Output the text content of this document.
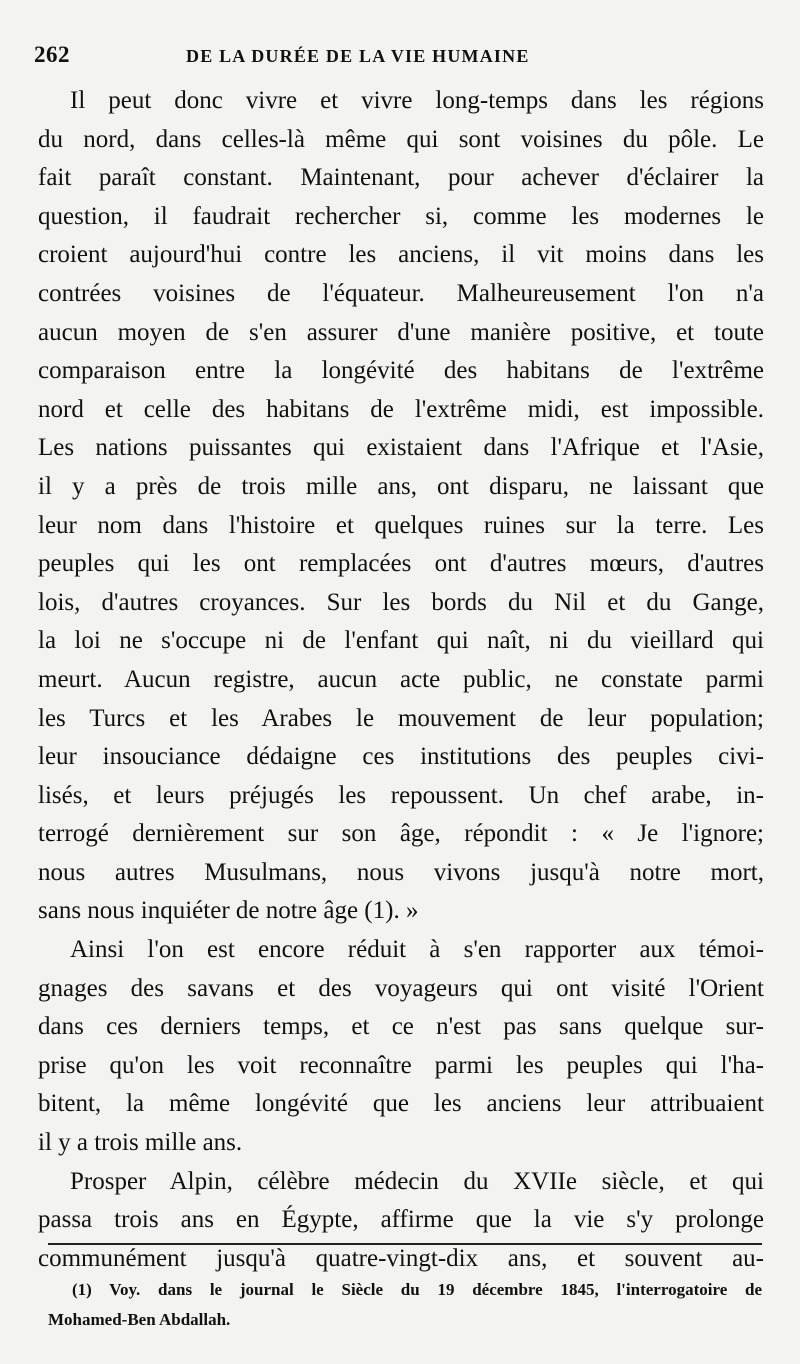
262	DE LA DURÉE DE LA VIE HUMAINE
Il peut donc vivre et vivre long-temps dans les régions
du nord, dans celles-là même qui sont voisines du pôle. Le
fait paraît constant. Maintenant, pour achever d'éclairer la
question, il faudrait rechercher si, comme les modernes le
croient aujourd'hui contre les anciens, il vit moins dans les
contrées voisines de l'équateur. Malheureusement l'on n'a
aucun moyen de s'en assurer d'une manière positive, et toute
comparaison entre la longévité des habitans de l'extrême
nord et celle des habitans de l'extrême midi, est impossible.
Les nations puissantes qui existaient dans l'Afrique et l'Asie,
il y a près de trois mille ans, ont disparu, ne laissant que
leur nom dans l'histoire et quelques ruines sur la terre. Les
peuples qui les ont remplacées ont d'autres mœurs, d'autres
lois, d'autres croyances. Sur les bords du Nil et du Gange,
la loi ne s'occupe ni de l'enfant qui naît, ni du vieillard qui
meurt. Aucun registre, aucun acte public, ne constate parmi
les Turcs et les Arabes le mouvement de leur population;
leur insouciance dédaigne ces institutions des peuples civi-
lisés, et leurs préjugés les repoussent. Un chef arabe, in-
terrogé dernièrement sur son âge, répondit : « Je l'ignore;
nous autres Musulmans, nous vivons jusqu'à notre mort,
sans nous inquiéter de notre âge (1). »
Ainsi l'on est encore réduit à s'en rapporter aux témoi-
gnages des savans et des voyageurs qui ont visité l'Orient
dans ces derniers temps, et ce n'est pas sans quelque sur-
prise qu'on les voit reconnaître parmi les peuples qui l'ha-
bitent, la même longévité que les anciens leur attribuaient
il y a trois mille ans.
Prosper Alpin, célèbre médecin du XVIIe siècle, et qui
passa trois ans en Égypte, affirme que la vie s'y prolonge
communément jusqu'à quatre-vingt-dix ans, et souvent au-
(1) Voy. dans le journal le Siècle du 19 décembre 1845, l'interrogatoire de
Mohamed-Ben Abdallah.
